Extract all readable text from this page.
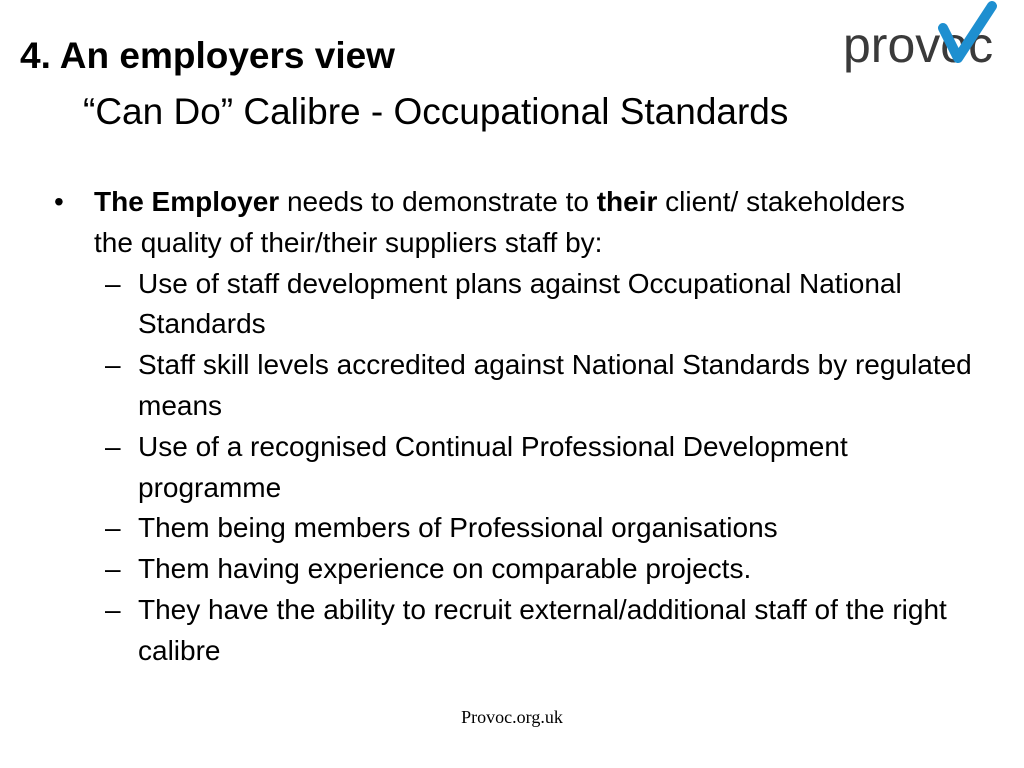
4. An employers view
“Can Do” Calibre - Occupational Standards
provoc
• The Employer needs to demonstrate to their client/ stakeholders the quality of their/their suppliers staff by:
– Use of staff development plans against Occupational National Standards
– Staff skill levels accredited against National Standards by regulated means
– Use of a recognised Continual Professional Development programme
– Them being members of Professional organisations
– Them having experience on comparable projects.
– They have the ability to recruit external/additional staff of the right calibre
Provoc.org.uk
